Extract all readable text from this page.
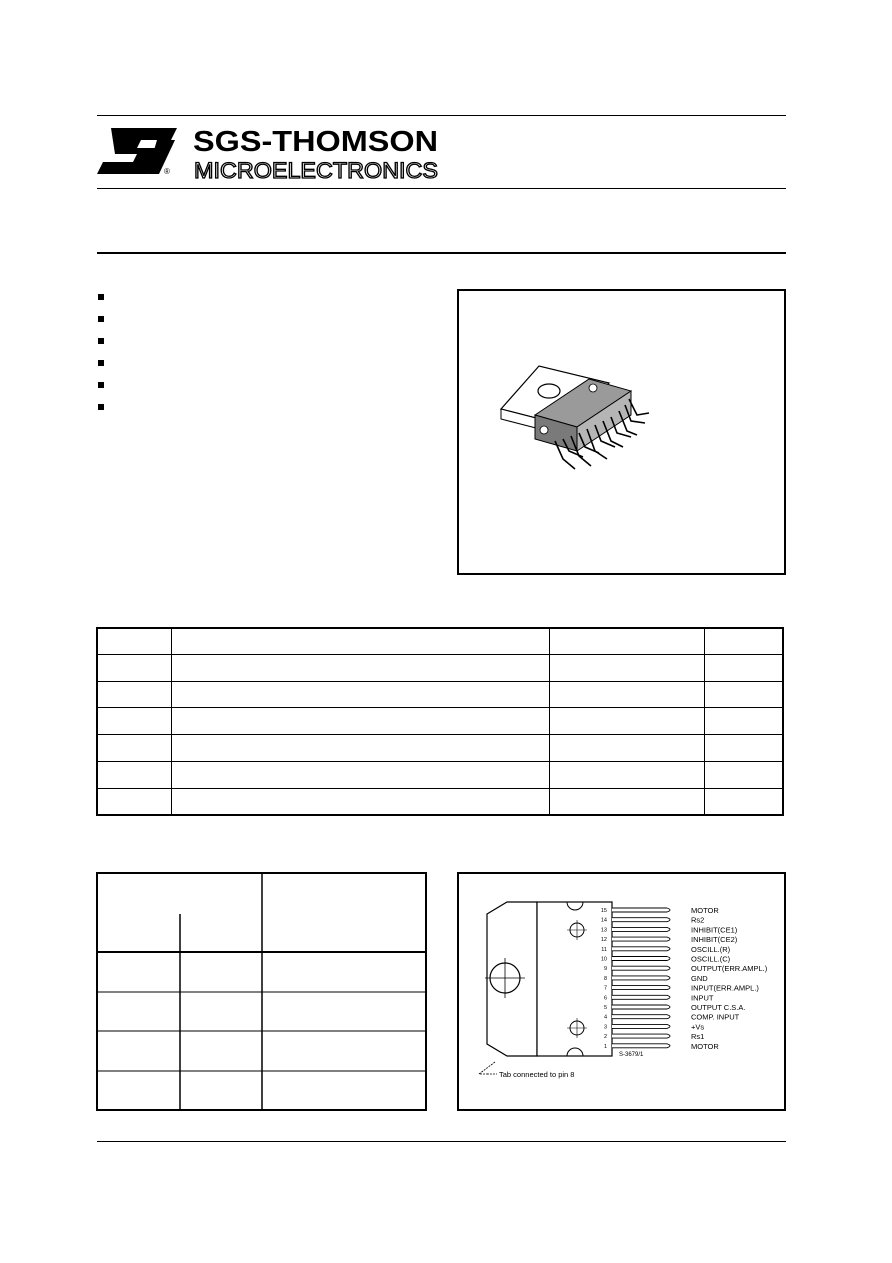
®
SGS-THOMSON
MICROELECTRONICS

15
14
13
12
11
10
9
8
7
6
5
4
3
2
1
MOTOR
Rs2
INHIBIT(CE1)
INHIBIT(CE2)
OSCILL.(R)
OSCILL.(C)
OUTPUT(ERR.AMPL.)
GND
INPUT(ERR.AMPL.)
INPUT
OUTPUT C.S.A.
COMP. INPUT
+Vs
Rs1
MOTOR
S-3679/1
Tab connected to pin 8
